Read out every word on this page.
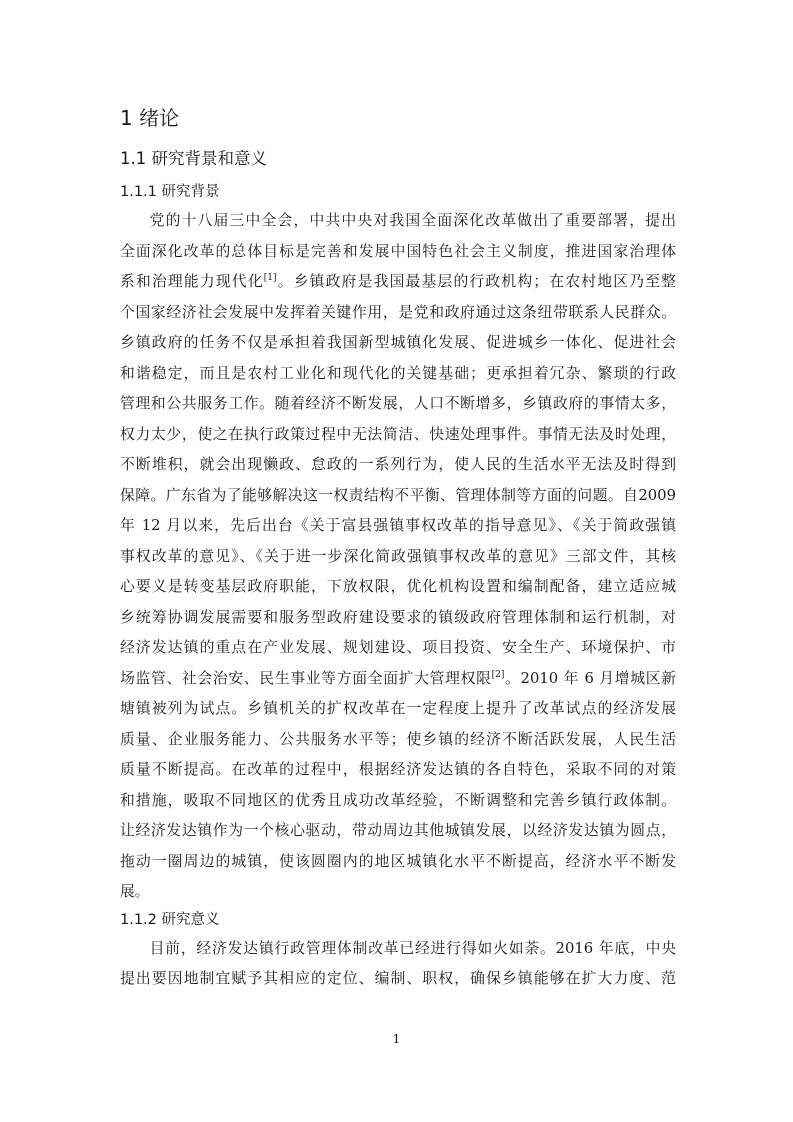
1 绪论
1.1 研究背景和意义
1.1.1 研究背景
党的十八届三中全会，中共中央对我国全面深化改革做出了重要部署，提出
全面深化改革的总体目标是完善和发展中国特色社会主义制度，推进国家治理体
系和治理能力现代化[1]。乡镇政府是我国最基层的行政机构；在农村地区乃至整
个国家经济社会发展中发挥着关键作用，是党和政府通过这条纽带联系人民群众。
乡镇政府的任务不仅是承担着我国新型城镇化发展、促进城乡一体化、促进社会
和谐稳定，而且是农村工业化和现代化的关键基础；更承担着冗杂、繁琐的行政
管理和公共服务工作。随着经济不断发展，人口不断增多，乡镇政府的事情太多，
权力太少，使之在执行政策过程中无法简洁、快速处理事件。事情无法及时处理，
不断堆积，就会出现懒政、怠政的一系列行为，使人民的生活水平无法及时得到
保障。广东省为了能够解决这一权责结构不平衡、管理体制等方面的问题。自2009
年 12 月以来，先后出台《关于富县强镇事权改革的指导意见》、《关于简政强镇
事权改革的意见》、《关于进一步深化简政强镇事权改革的意见》三部文件，其核
心要义是转变基层政府职能，下放权限，优化机构设置和编制配备，建立适应城
乡统筹协调发展需要和服务型政府建设要求的镇级政府管理体制和运行机制，对
经济发达镇的重点在产业发展、规划建设、项目投资、安全生产、环境保护、市
场监管、社会治安、民生事业等方面全面扩大管理权限[2]。2010 年 6 月增城区新
塘镇被列为试点。乡镇机关的扩权改革在一定程度上提升了改革试点的经济发展
质量、企业服务能力、公共服务水平等；使乡镇的经济不断活跃发展，人民生活
质量不断提高。在改革的过程中，根据经济发达镇的各自特色，采取不同的对策
和措施，吸取不同地区的优秀且成功改革经验，不断调整和完善乡镇行政体制。
让经济发达镇作为一个核心驱动，带动周边其他城镇发展，以经济发达镇为圆点，
拖动一圈周边的城镇，使该圆圈内的地区城镇化水平不断提高，经济水平不断发
展。
1.1.2 研究意义
目前，经济发达镇行政管理体制改革已经进行得如火如荼。2016 年底，中央
提出要因地制宜赋予其相应的定位、编制、职权，确保乡镇能够在扩大力度、范
1
